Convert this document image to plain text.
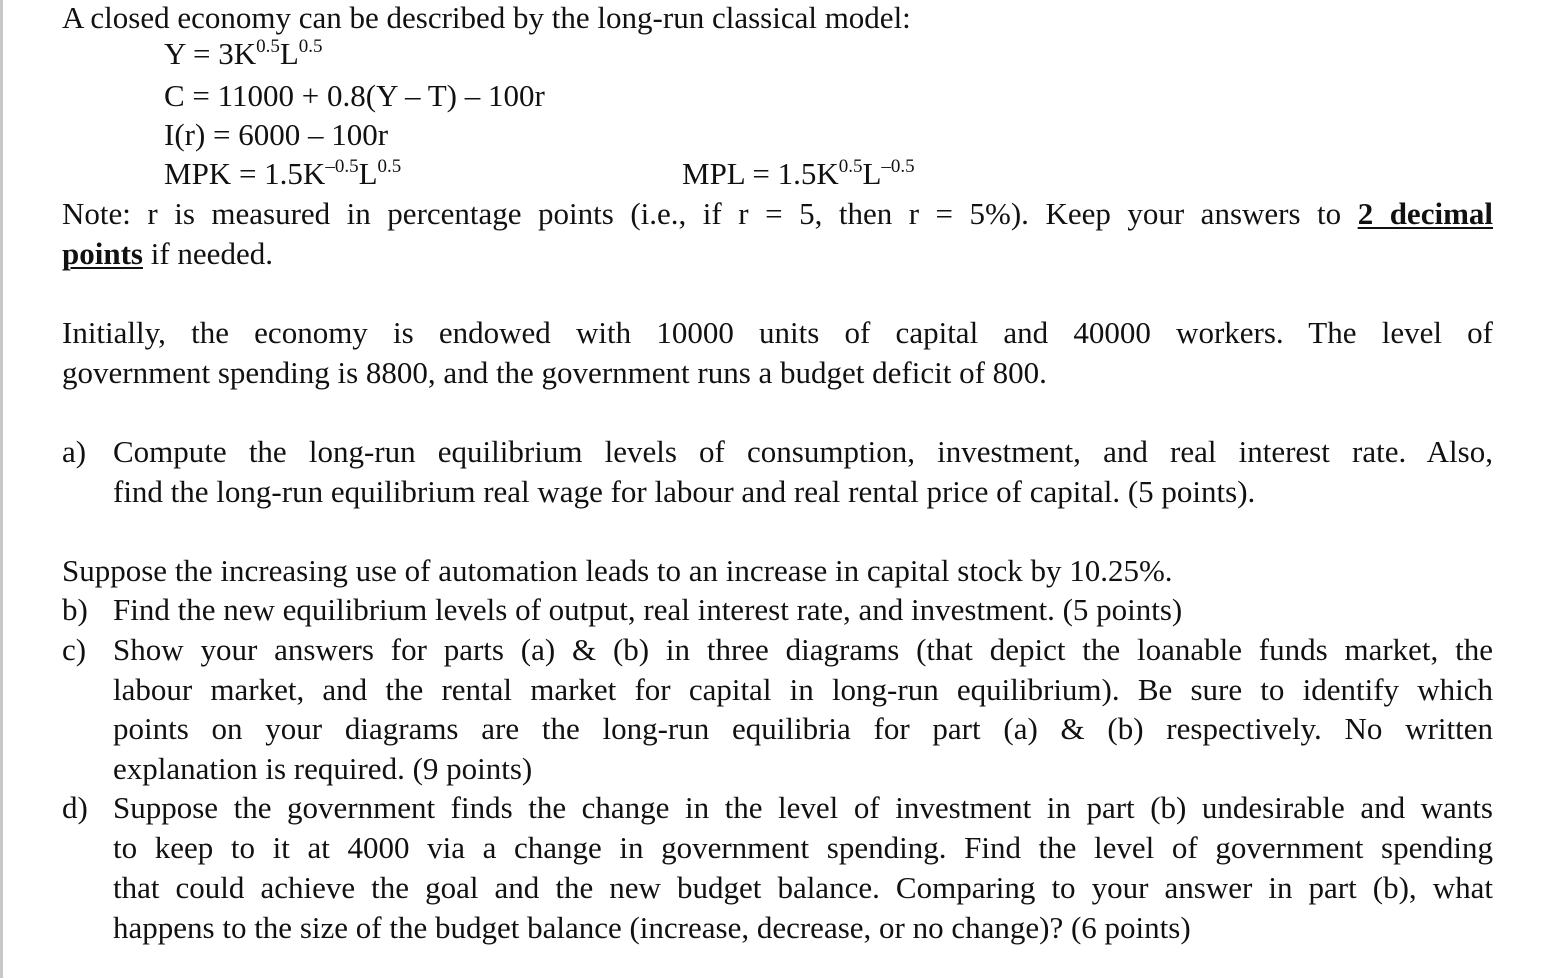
A closed economy can be described by the long-run classical model:
$Y = 3K^{0.5}L^{0.5}$
C = 11000 + 0.8(Y – T) – 100r
I(r) = 6000 – 100r
MPK = $1.5K^{-0.5}L^{0.5}$	MPL = $1.5K^{0.5}L^{-0.5}$
Note: r is measured in percentage points (i.e., if r = 5, then r = 5%). Keep your answers to 2 decimal
points if needed.
Initially, the economy is endowed with 10000 units of capital and 40000 workers. The level of
government spending is 8800, and the government runs a budget deficit of 800.
a) Compute the long-run equilibrium levels of consumption, investment, and real interest rate. Also,
find the long-run equilibrium real wage for labour and real rental price of capital. (5 points).
Suppose the increasing use of automation leads to an increase in capital stock by 10.25%.
b) Find the new equilibrium levels of output, real interest rate, and investment. (5 points)
c) Show your answers for parts (a) & (b) in three diagrams (that depict the loanable funds market, the
labour market, and the rental market for capital in long-run equilibrium). Be sure to identify which
points on your diagrams are the long-run equilibria for part (a) & (b) respectively. No written
explanation is required. (9 points)
d) Suppose the government finds the change in the level of investment in part (b) undesirable and wants
to keep to it at 4000 via a change in government spending. Find the level of government spending
that could achieve the goal and the new budget balance. Comparing to your answer in part (b), what
happens to the size of the budget balance (increase, decrease, or no change)? (6 points)
